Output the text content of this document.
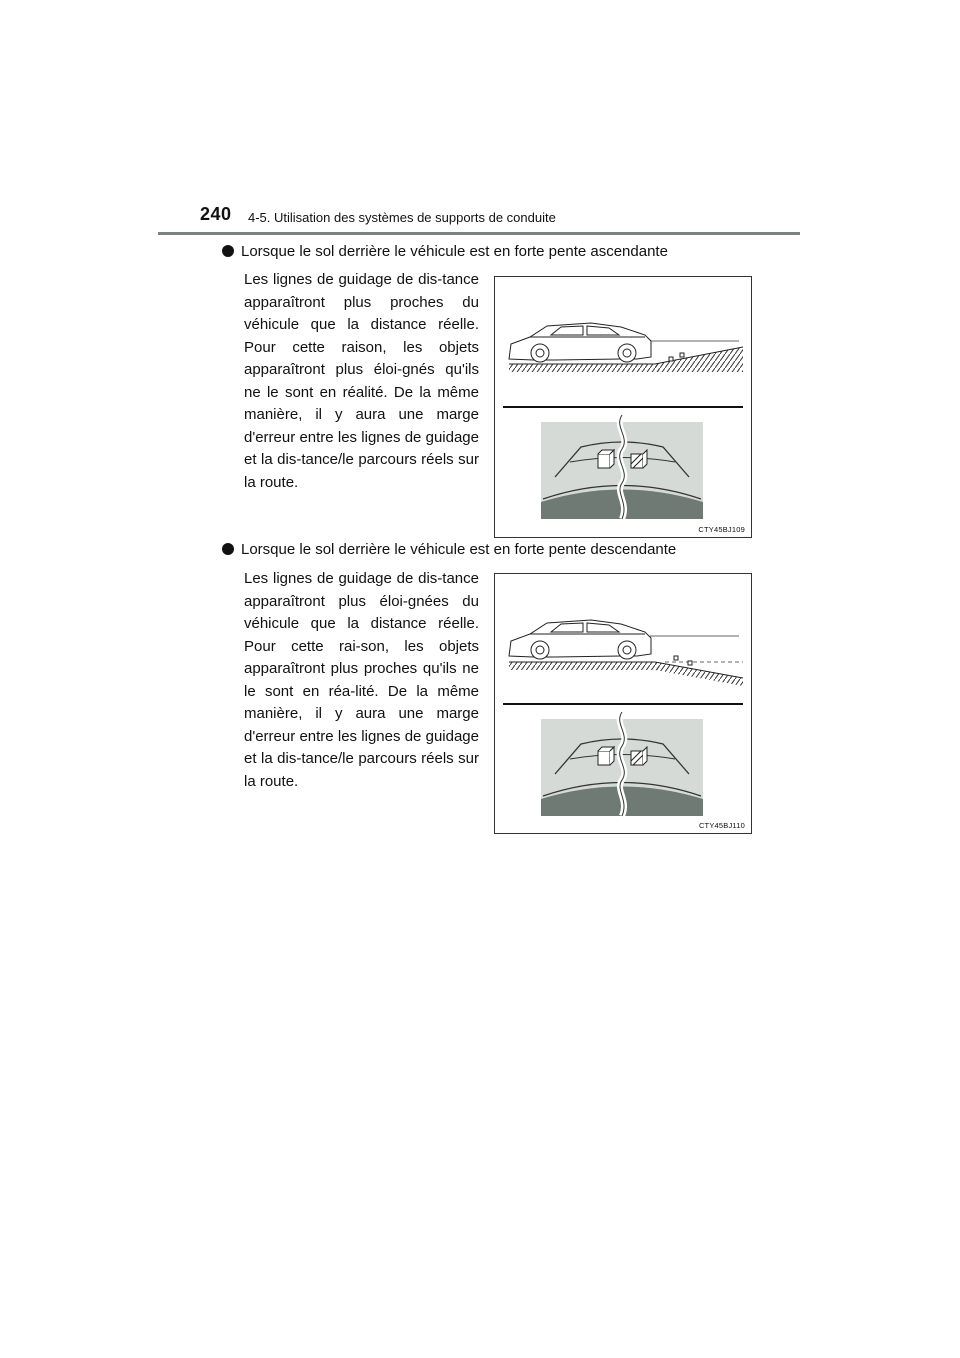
240 4-5. Utilisation des systèmes de supports de conduite
Lorsque le sol derrière le véhicule est en forte pente ascendante
Les lignes de guidage de dis-tance apparaîtront plus proches du véhicule que la distance réelle. Pour cette raison, les objets apparaîtront plus éloi-gnés qu'ils ne le sont en réalité. De la même manière, il y aura une marge d'erreur entre les lignes de guidage et la dis-tance/le parcours réels sur la route.
CTY45BJ109
Lorsque le sol derrière le véhicule est en forte pente descendante
Les lignes de guidage de dis-tance apparaîtront plus éloi-gnées du véhicule que la distance réelle. Pour cette rai-son, les objets apparaîtront plus proches qu'ils ne le sont en réa-lité. De la même manière, il y aura une marge d'erreur entre les lignes de guidage et la dis-tance/le parcours réels sur la route.
CTY45BJ110
